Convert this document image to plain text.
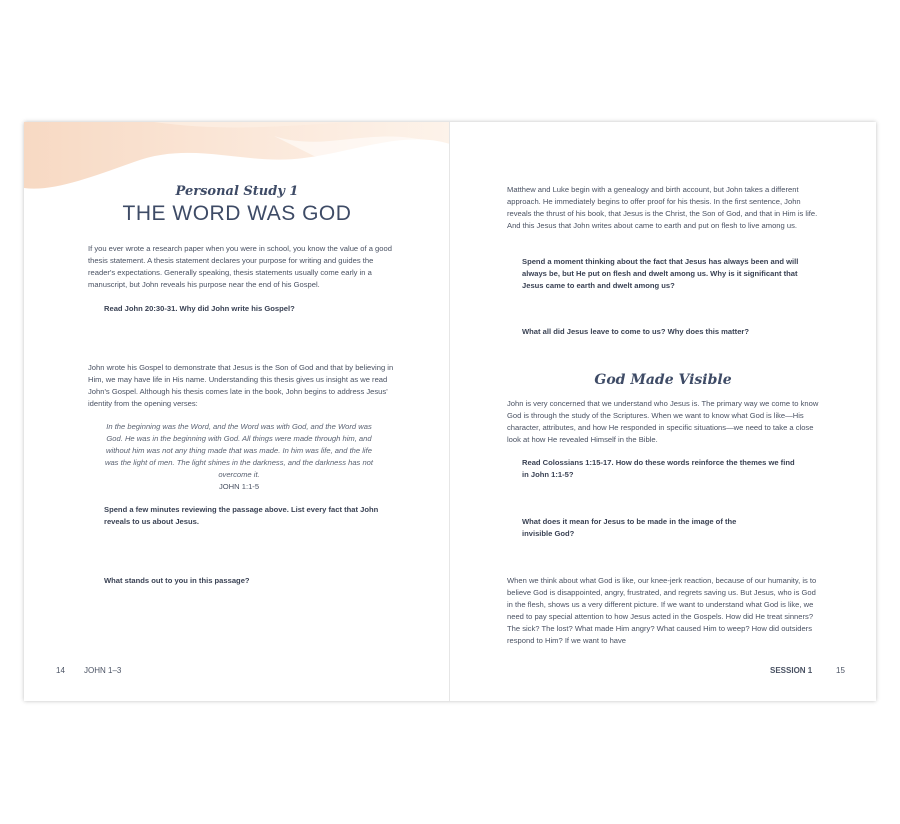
Personal Study 1
THE WORD WAS GOD

If you ever wrote a research paper when you were in school, you know the value of a good thesis statement. A thesis statement declares your purpose for writing and guides the reader's expectations. Generally speaking, thesis statements usually come early in a manuscript, but John reveals his purpose near the end of his Gospel.

Read John 20:30-31. Why did John write his Gospel?

John wrote his Gospel to demonstrate that Jesus is the Son of God and that by believing in Him, we may have life in His name. Understanding this thesis gives us insight as we read John's Gospel. Although his thesis comes late in the book, John begins to address Jesus' identity from the opening verses:

In the beginning was the Word, and the Word was with God, and the Word was God. He was in the beginning with God. All things were made through him, and without him was not any thing made that was made. In him was life, and the life was the light of men. The light shines in the darkness, and the darkness has not overcome it.
JOHN 1:1-5

Spend a few minutes reviewing the passage above. List every fact that John reveals to us about Jesus.

What stands out to you in this passage?

14 JOHN 1–3

Matthew and Luke begin with a genealogy and birth account, but John takes a different approach. He immediately begins to offer proof for his thesis. In the first sentence, John reveals the thrust of his book, that Jesus is the Christ, the Son of God, and that in Him is life. And this Jesus that John writes about came to earth and put on flesh to live among us.

Spend a moment thinking about the fact that Jesus has always been and will always be, but He put on flesh and dwelt among us. Why is it significant that Jesus came to earth and dwelt among us?

What all did Jesus leave to come to us? Why does this matter?

God Made Visible

John is very concerned that we understand who Jesus is. The primary way we come to know God is through the study of the Scriptures. When we want to know what God is like—His character, attributes, and how He responded in specific situations—we need to take a close look at how He revealed Himself in the Bible.

Read Colossians 1:15-17. How do these words reinforce the themes we find in John 1:1-5?

What does it mean for Jesus to be made in the image of the invisible God?

When we think about what God is like, our knee-jerk reaction, because of our humanity, is to believe God is disappointed, angry, frustrated, and regrets saving us. But Jesus, who is God in the flesh, shows us a very different picture. If we want to understand what God is like, we need to pay special attention to how Jesus acted in the Gospels. How did He treat sinners? The sick? The lost? What made Him angry? What caused Him to weep? How did outsiders respond to Him? If we want to have

SESSION 1	15
